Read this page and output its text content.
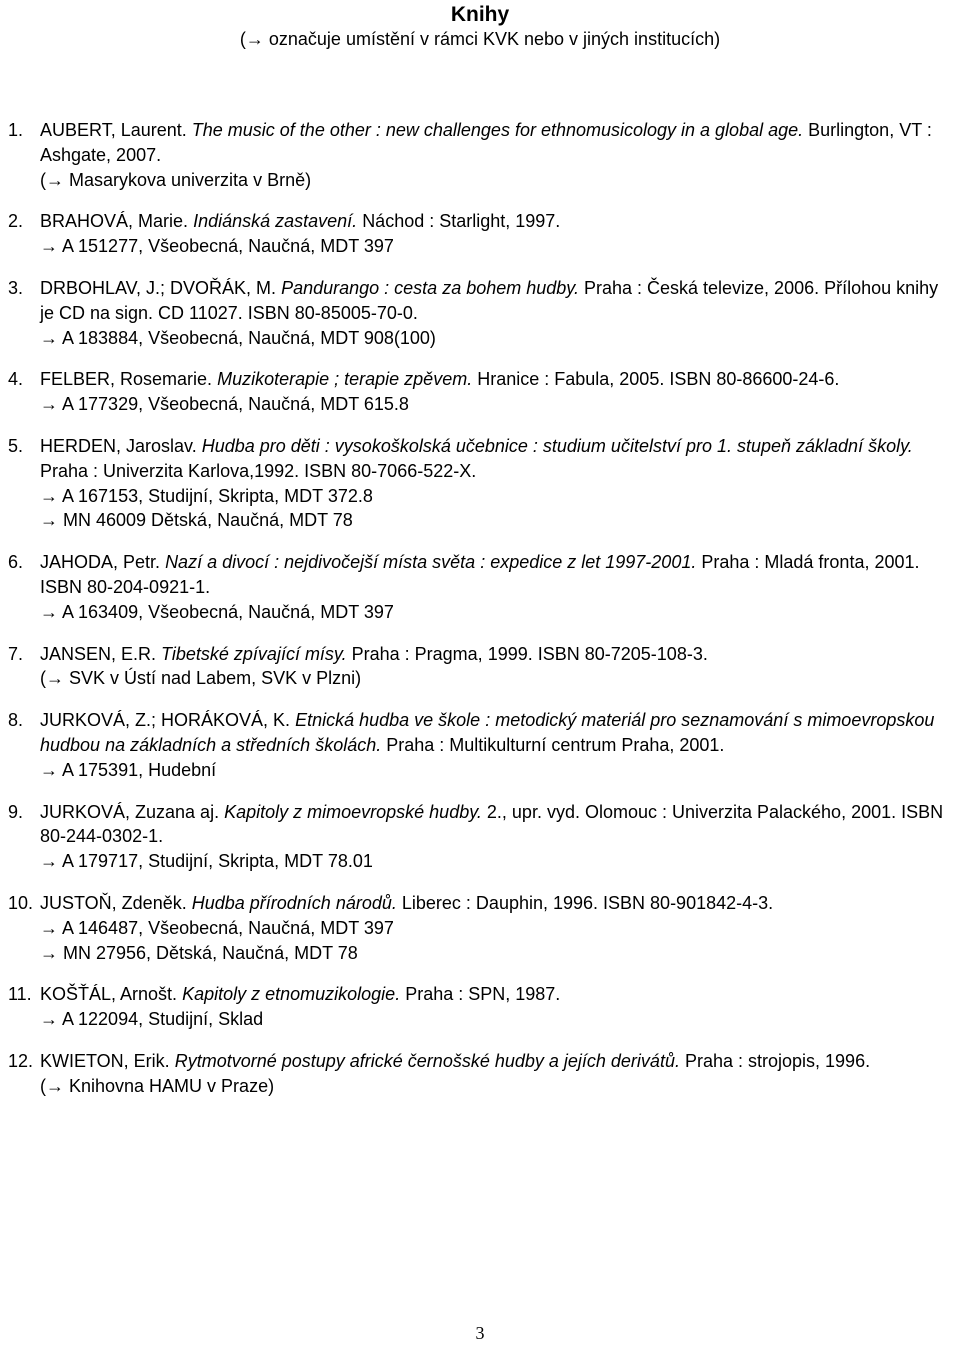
Knihy
(→ označuje umístění v rámci KVK nebo v jiných institucích)
1. AUBERT, Laurent. The music of the other : new challenges for ethnomusicology in a global age. Burlington, VT : Ashgate, 2007.
(→ Masarykova univerzita v Brně)
2. BRAHOVÁ, Marie. Indiánská zastavení. Náchod : Starlight, 1997.
→ A 151277, Všeobecná, Naučná, MDT 397
3. DRBOHLAV, J.; DVOŘÁK, M. Pandurango : cesta za bohem hudby. Praha : Česká televize, 2006. Přílohou knihy je CD na sign. CD 11027. ISBN 80-85005-70-0.
→ A 183884, Všeobecná, Naučná, MDT 908(100)
4. FELBER, Rosemarie. Muzikoterapie ; terapie zpěvem. Hranice : Fabula, 2005. ISBN 80-86600-24-6.
→ A 177329, Všeobecná, Naučná, MDT 615.8
5. HERDEN, Jaroslav. Hudba pro děti : vysokoškolská učebnice : studium učitelství pro 1. stupeň základní školy. Praha : Univerzita Karlova,1992. ISBN 80-7066-522-X.
→ A 167153, Studijní, Skripta, MDT 372.8
→ MN 46009 Dětská, Naučná, MDT 78
6. JAHODA, Petr. Nazí a divocí : nejdivočejší místa světa : expedice z let 1997-2001. Praha : Mladá fronta, 2001. ISBN 80-204-0921-1.
→ A 163409, Všeobecná, Naučná, MDT 397
7. JANSEN, E.R. Tibetské zpívající mísy. Praha : Pragma, 1999. ISBN 80-7205-108-3.
(→ SVK v Ústí nad Labem, SVK v Plzni)
8. JURKOVÁ, Z.; HORÁKOVÁ, K. Etnická hudba ve škole : metodický materiál pro seznamování s mimoevropskou hudbou na základních a středních školách. Praha : Multikulturní centrum Praha, 2001.
→ A 175391, Hudební
9. JURKOVÁ, Zuzana aj. Kapitoly z mimoevropské hudby. 2., upr. vyd. Olomouc : Univerzita Palackého, 2001. ISBN 80-244-0302-1.
→ A 179717, Studijní, Skripta, MDT 78.01
10. JUSTOŇ, Zdeněk. Hudba přírodních národů. Liberec : Dauphin, 1996. ISBN 80-901842-4-3.
→ A 146487, Všeobecná, Naučná, MDT 397
→ MN 27956, Dětská, Naučná, MDT 78
11. KOŠŤÁL, Arnošt. Kapitoly z etnomuzikologie. Praha : SPN, 1987.
→ A 122094, Studijní, Sklad
12. KWIETON, Erik. Rytmotvorné postupy africké černošské hudby a jejích derivátů. Praha : strojopis, 1996.
(→ Knihovna HAMU v Praze)
3
